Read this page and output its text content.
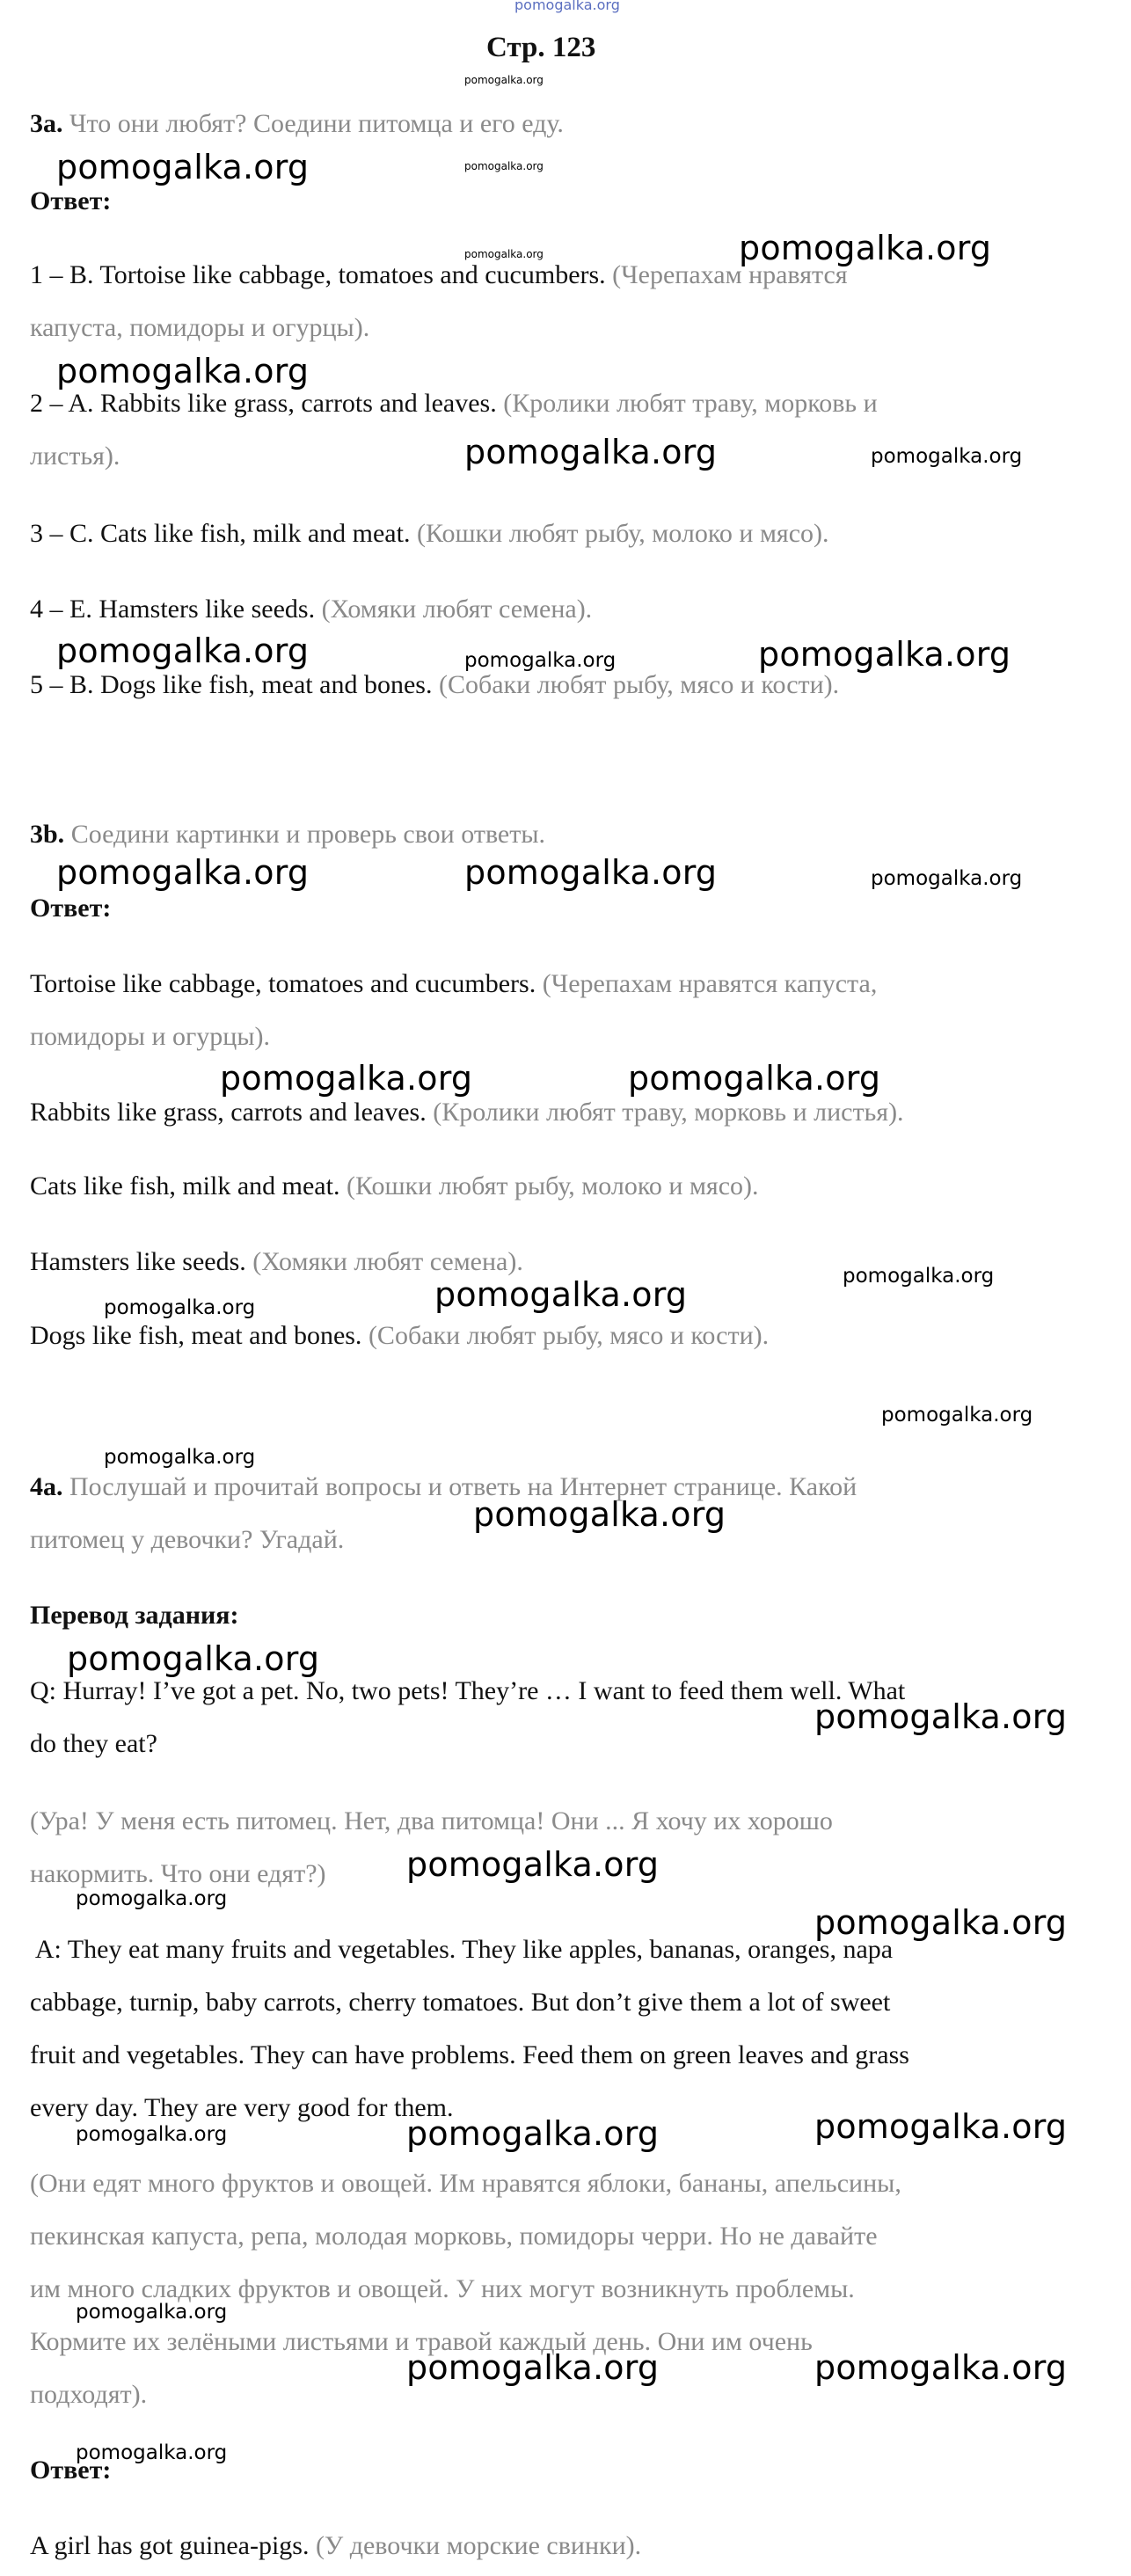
pomogalka.org
Стр. 123
pomogalka.org
3a. Что они любят? Соедини питомца и его еду.
Ответ:
1 – B. Tortoise like cabbage, tomatoes and cucumbers. (Черепахам нравятся
капуста, помидоры и огурцы).
2 – A. Rabbits like grass, carrots and leaves. (Кролики любят траву, морковь и
листья).
3 – C. Cats like fish, milk and meat. (Кошки любят рыбу, молоко и мясо).
4 – E. Hamsters like seeds. (Хомяки любят семена).
5 – B. Dogs like fish, meat and bones. (Собаки любят рыбу, мясо и кости).
3b. Соедини картинки и проверь свои ответы.
Ответ:
Tortoise like cabbage, tomatoes and cucumbers. (Черепахам нравятся капуста,
помидоры и огурцы).
Rabbits like grass, carrots and leaves. (Кролики любят траву, морковь и листья).
Cats like fish, milk and meat. (Кошки любят рыбу, молоко и мясо).
Hamsters like seeds. (Хомяки любят семена).
Dogs like fish, meat and bones. (Собаки любят рыбу, мясо и кости).
4a. Послушай и прочитай вопросы и ответь на Интернет странице. Какой
питомец у девочки? Угадай.
Перевод задания:
Q: Hurray! I’ve got a pet. No, two pets! They’re … I want to feed them well. What
do they eat?
(Ура! У меня есть питомец. Нет, два питомца! Они ... Я хочу их хорошо
накормить. Что они едят?)
A: They eat many fruits and vegetables. They like apples, bananas, oranges, napa
cabbage, turnip, baby carrots, cherry tomatoes. But don’t give them a lot of sweet
fruit and vegetables. They can have problems. Feed them on green leaves and grass
every day. They are very good for them.
(Они едят много фруктов и овощей. Им нравятся яблоки, бананы, апельсины,
пекинская капуста, репа, молодая морковь, помидоры черри. Но не давайте
им много сладких фруктов и овощей. У них могут возникнуть проблемы.
Кормите их зелёными листьями и травой каждый день. Они им очень
подходят).
Ответ:
A girl has got guinea-pigs. (У девочки морские свинки).
pomogalka.org	pomogalka.org
pomogalka.org	pomogalka.org
pomogalka.org
pomogalka.org	pomogalka.org
pomogalka.org	pomogalka.org	pomogalka.org
pomogalka.org	pomogalka.org	pomogalka.org
pomogalka.org	pomogalka.org
pomogalka.org
pomogalka.org
pomogalka.org
pomogalka.org
pomogalka.org
pomogalka.org
pomogalka.org
pomogalka.org
pomogalka.org
pomogalka.org
pomogalka.org
pomogalka.org	pomogalka.org	pomogalka.org
pomogalka.org
pomogalka.org	pomogalka.org
pomogalka.org
